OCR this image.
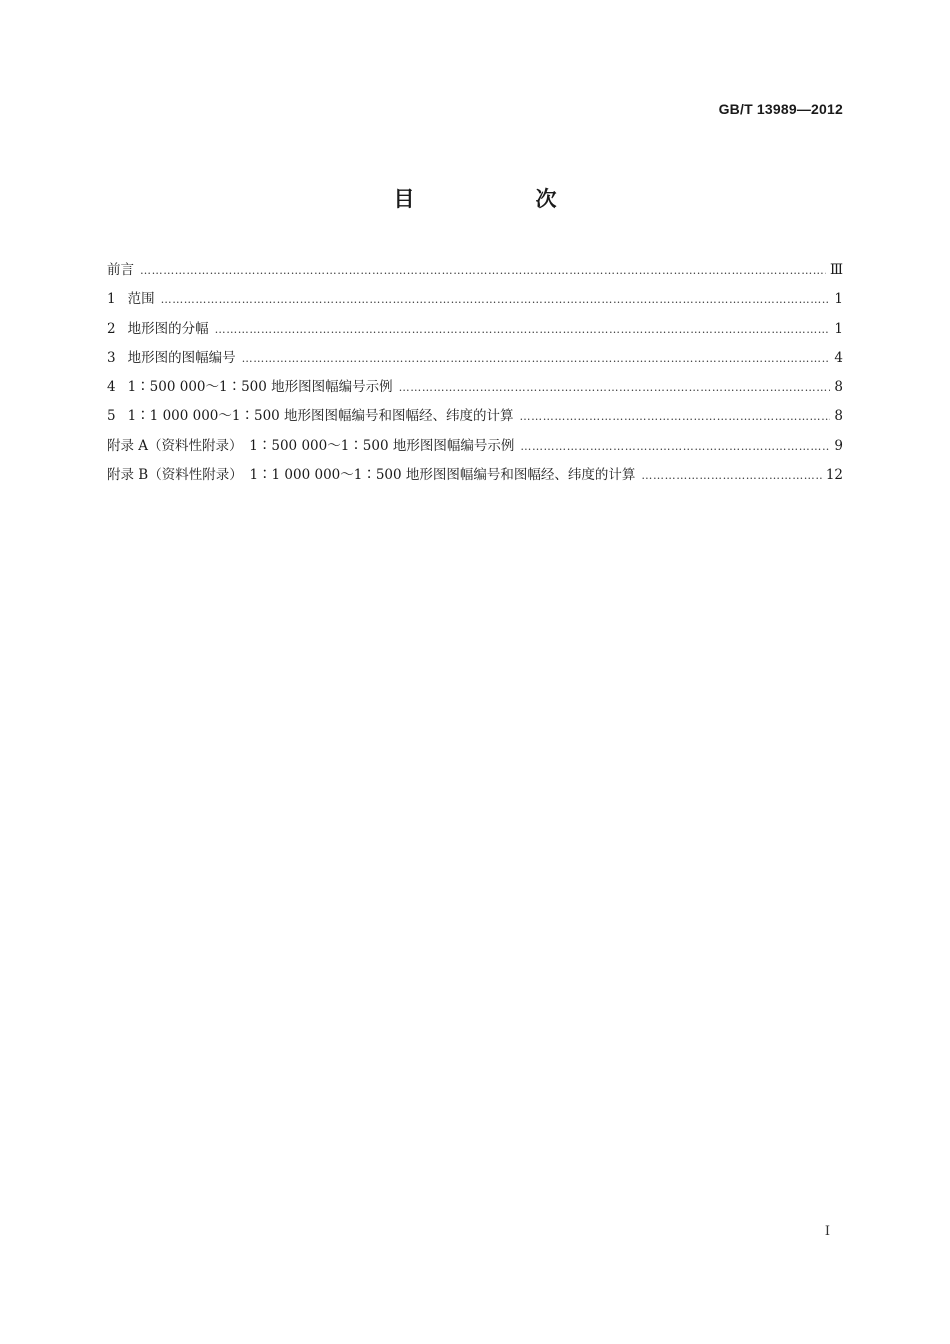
GB/T 13989—2012
目　次
前言 ……………………………………………………………………………………………………………………………………………………………………………………………………………………	Ⅲ
1 范围 ……………………………………………………………………………………………………………………………………………………………………………………………………………………	1
2 地形图的分幅 ……………………………………………………………………………………………………………………………………………………………………………………………………………………	1
3 地形图的图幅编号 ……………………………………………………………………………………………………………………………………………………………………………………………………………………	4
4 1∶500 000～1∶500 地形图图幅编号示例 ……………………………………………………………………………………………………………………………………………………………………………………………………………………	8
5 1∶1 000 000～1∶500 地形图图幅编号和图幅经、纬度的计算 ……………………………………………………………………………………………………………………………………………………………………………………………………………………	8
附录 A（资料性附录）　1∶500 000～1∶500 地形图图幅编号示例 ……………………………………………………………………………………………………………………………………………………………………………………………………………………	9
附录 B（资料性附录）　1∶1 000 000～1∶500 地形图图幅编号和图幅经、纬度的计算 ……………………………………………………………………………………………………………………………………………………………………………………………………………………	12
Ⅰ
